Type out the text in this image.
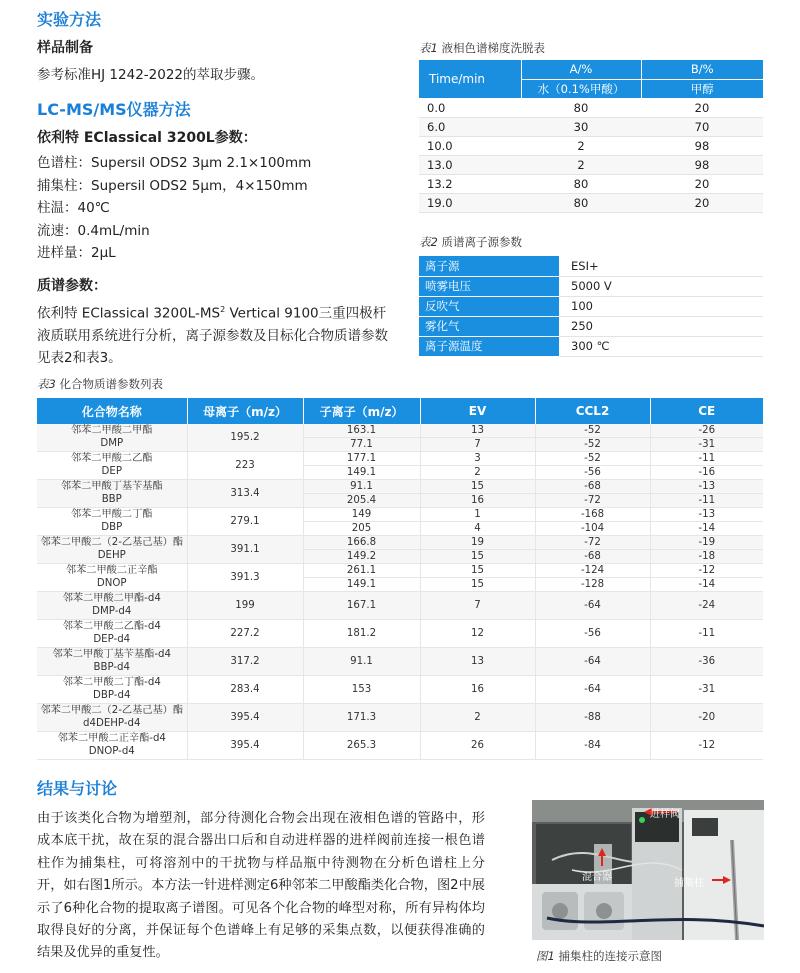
实验方法
样品制备
参考标准HJ 1242-2022的萃取步骤。
LC-MS/MS仪器方法
依利特 EClassical 3200L参数：
色谱柱：Supersil ODS2 3μm 2.1×100mm
捕集柱：Supersil ODS2 5μm，4×150mm
柱温：40℃
流速：0.4mL/min
进样量：2μL
质谱参数：
依利特 EClassical $3200L-MS^2$ Vertical 9100三重四极杆液质联用系统进行分析，离子源参数及目标化合物质谱参数见表2和表3。
表1 液相色谱梯度洗脱表
Time/min	A/%	B/%
	水（0.1%甲酸）	甲醇
0.0	80	20
6.0	30	70
10.0	2	98
13.0	2	98
13.2	80	20
19.0	80	20
表2 质谱离子源参数
离子源	ESI+
喷雾电压	5000 V
反吹气	100
雾化气	250
离子源温度	300 ℃
表3 化合物质谱参数列表
化合物名称	母离子（m/z）	子离子（m/z）	EV	CCL2	CE

邻苯二甲酸二甲酯
DMP	195.2	163.1	13	-52	-26
		77.1	7	-52	-31

邻苯二甲酸二乙酯
DEP	223	177.1	3	-52	-11
		149.1	2	-56	-16

邻苯二甲酸丁基苄基酯
BBP	313.4	91.1	15	-68	-13
		205.4	16	-72	-11

邻苯二甲酸二丁酯
DBP	279.1	149	1	-168	-13
		205	4	-104	-14

邻苯二甲酸二（2-乙基己基）酯
DEHP	391.1	166.8	19	-72	-19
		149.2	15	-68	-18

邻苯二甲酸二正辛酯
DNOP	391.3	261.1	15	-124	-12
		149.1	15	-128	-14

邻苯二甲酸二甲酯-d4
DMP-d4	199	167.1	7	-64	-24

邻苯二甲酸二乙酯-d4
DEP-d4	227.2	181.2	12	-56	-11

邻苯二甲酸丁基苄基酯-d4
BBP-d4	317.2	91.1	13	-64	-36

邻苯二甲酸二丁酯-d4
DBP-d4	283.4	153	16	-64	-31

邻苯二甲酸二（2-乙基己基）酯
d4DEHP-d4	395.4	171.3	2	-88	-20

邻苯二甲酸二正辛酯-d4
DNOP-d4	395.4	265.3	26	-84	-12
结果与讨论
由于该类化合物为增塑剂，部分待测化合物会出现在液相色谱的管路中，形成本底干扰，故在泵的混合器出口后和自动进样器的进样阀前连接一根色谱柱作为捕集柱，可将溶剂中的干扰物与样品瓶中待测物在分析色谱柱上分开，如右图1所示。本方法一针进样测定6种邻苯二甲酸酯类化合物，图2中展示了6种化合物的提取离子谱图。可见各个化合物的峰型对称，所有异构体均取得良好的分离，并保证每个色谱峰上有足够的采集点数，以便获得准确的结果及优异的重复性。
进样阀
混合器
捕集柱
图1 捕集柱的连接示意图
